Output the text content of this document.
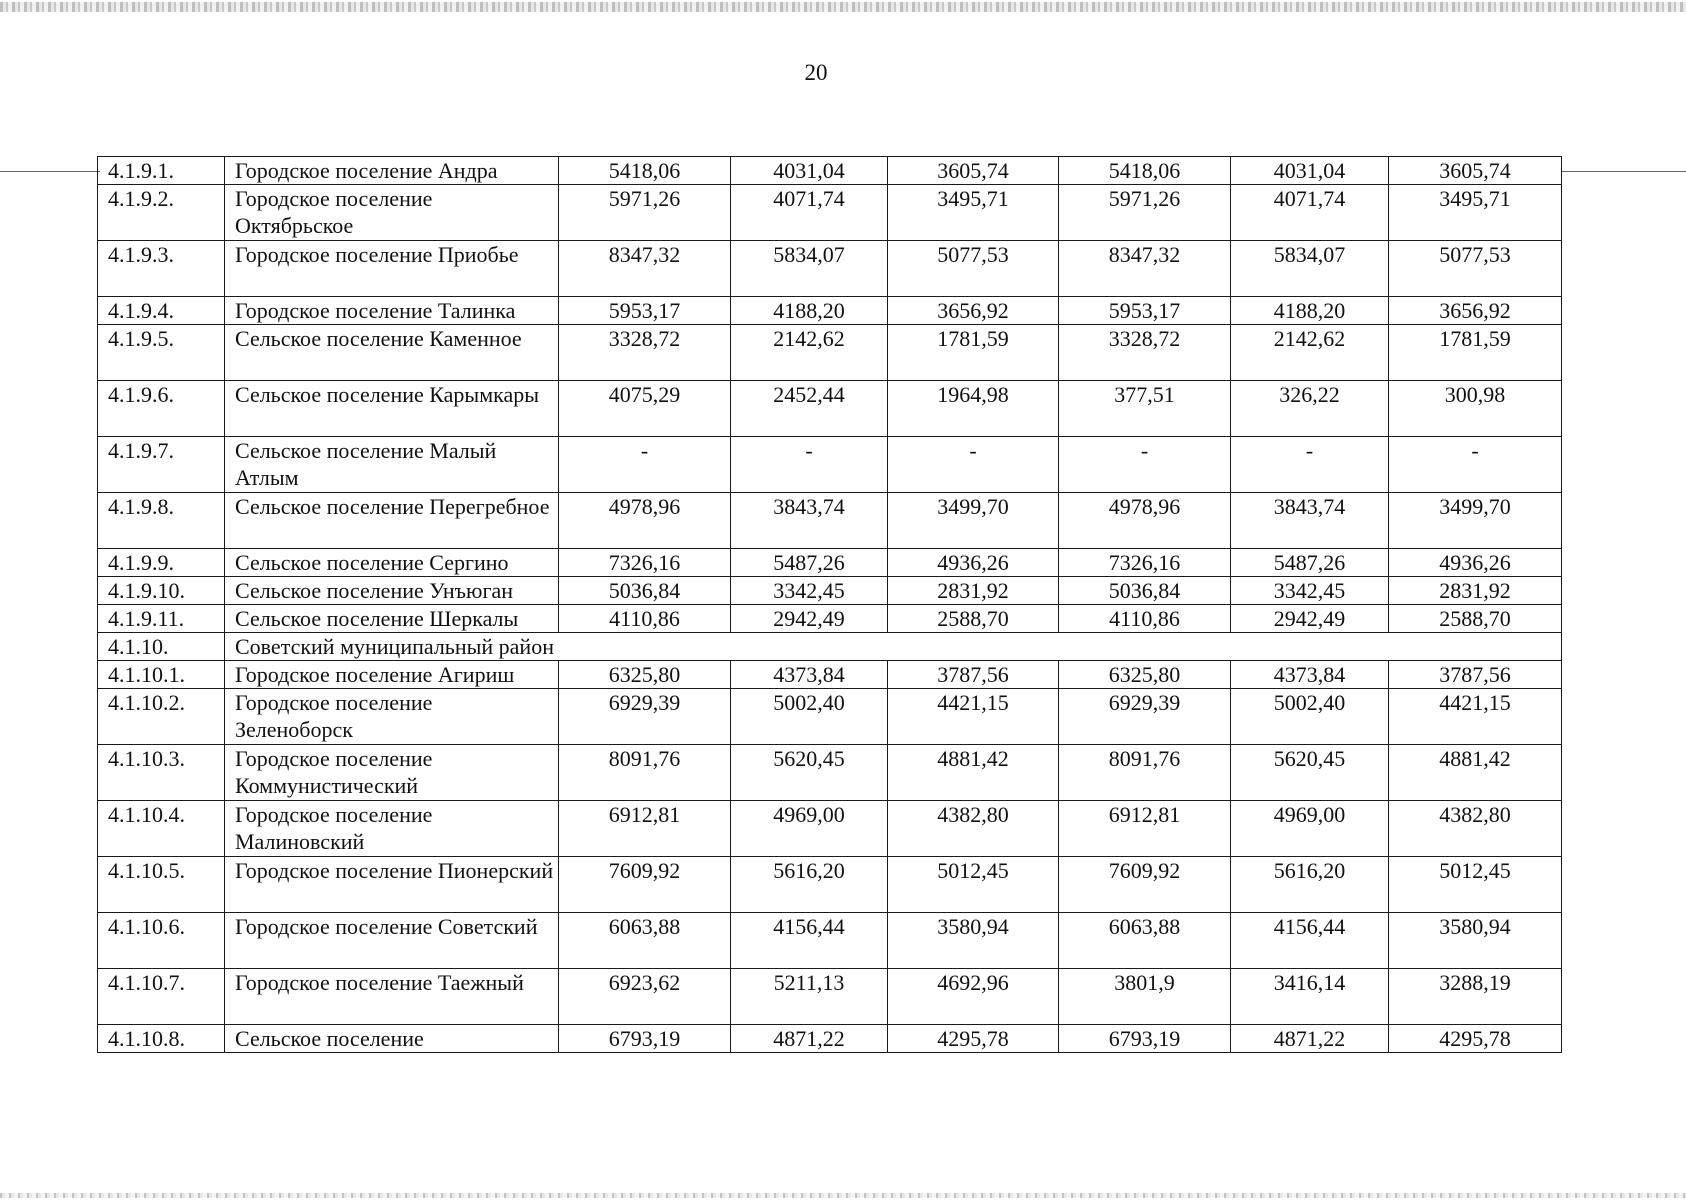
20
4.1.9.1.	Городское поселение Андра	5418,06	4031,04	3605,74	5418,06	4031,04	3605,74
4.1.9.2.	Городское поселение Октябрьское	5971,26	4071,74	3495,71	5971,26	4071,74	3495,71
4.1.9.3.	Городское поселение Приобье	8347,32	5834,07	5077,53	8347,32	5834,07	5077,53
4.1.9.4.	Городское поселение Талинка	5953,17	4188,20	3656,92	5953,17	4188,20	3656,92
4.1.9.5.	Сельское поселение Каменное	3328,72	2142,62	1781,59	3328,72	2142,62	1781,59
4.1.9.6.	Сельское поселение Карымкары	4075,29	2452,44	1964,98	377,51	326,22	300,98
4.1.9.7.	Сельское поселение Малый Атлым	-	-	-	-	-	-
4.1.9.8.	Сельское поселение Перегребное	4978,96	3843,74	3499,70	4978,96	3843,74	3499,70
4.1.9.9.	Сельское поселение Сергино	7326,16	5487,26	4936,26	7326,16	5487,26	4936,26
4.1.9.10.	Сельское поселение Унъюган	5036,84	3342,45	2831,92	5036,84	3342,45	2831,92
4.1.9.11.	Сельское поселение Шеркалы	4110,86	2942,49	2588,70	4110,86	2942,49	2588,70
4.1.10.	Советский муниципальный район						
4.1.10.1.	Городское поселение Агириш	6325,80	4373,84	3787,56	6325,80	4373,84	3787,56
4.1.10.2.	Городское поселение Зеленоборск	6929,39	5002,40	4421,15	6929,39	5002,40	4421,15
4.1.10.3.	Городское поселение Коммунистический	8091,76	5620,45	4881,42	8091,76	5620,45	4881,42
4.1.10.4.	Городское поселение Малиновский	6912,81	4969,00	4382,80	6912,81	4969,00	4382,80
4.1.10.5.	Городское поселение Пионерский	7609,92	5616,20	5012,45	7609,92	5616,20	5012,45
4.1.10.6.	Городское поселение Советский	6063,88	4156,44	3580,94	6063,88	4156,44	3580,94
4.1.10.7.	Городское поселение Таежный	6923,62	5211,13	4692,96	3801,9	3416,14	3288,19
4.1.10.8.	Сельское поселение	6793,19	4871,22	4295,78	6793,19	4871,22	4295,78
